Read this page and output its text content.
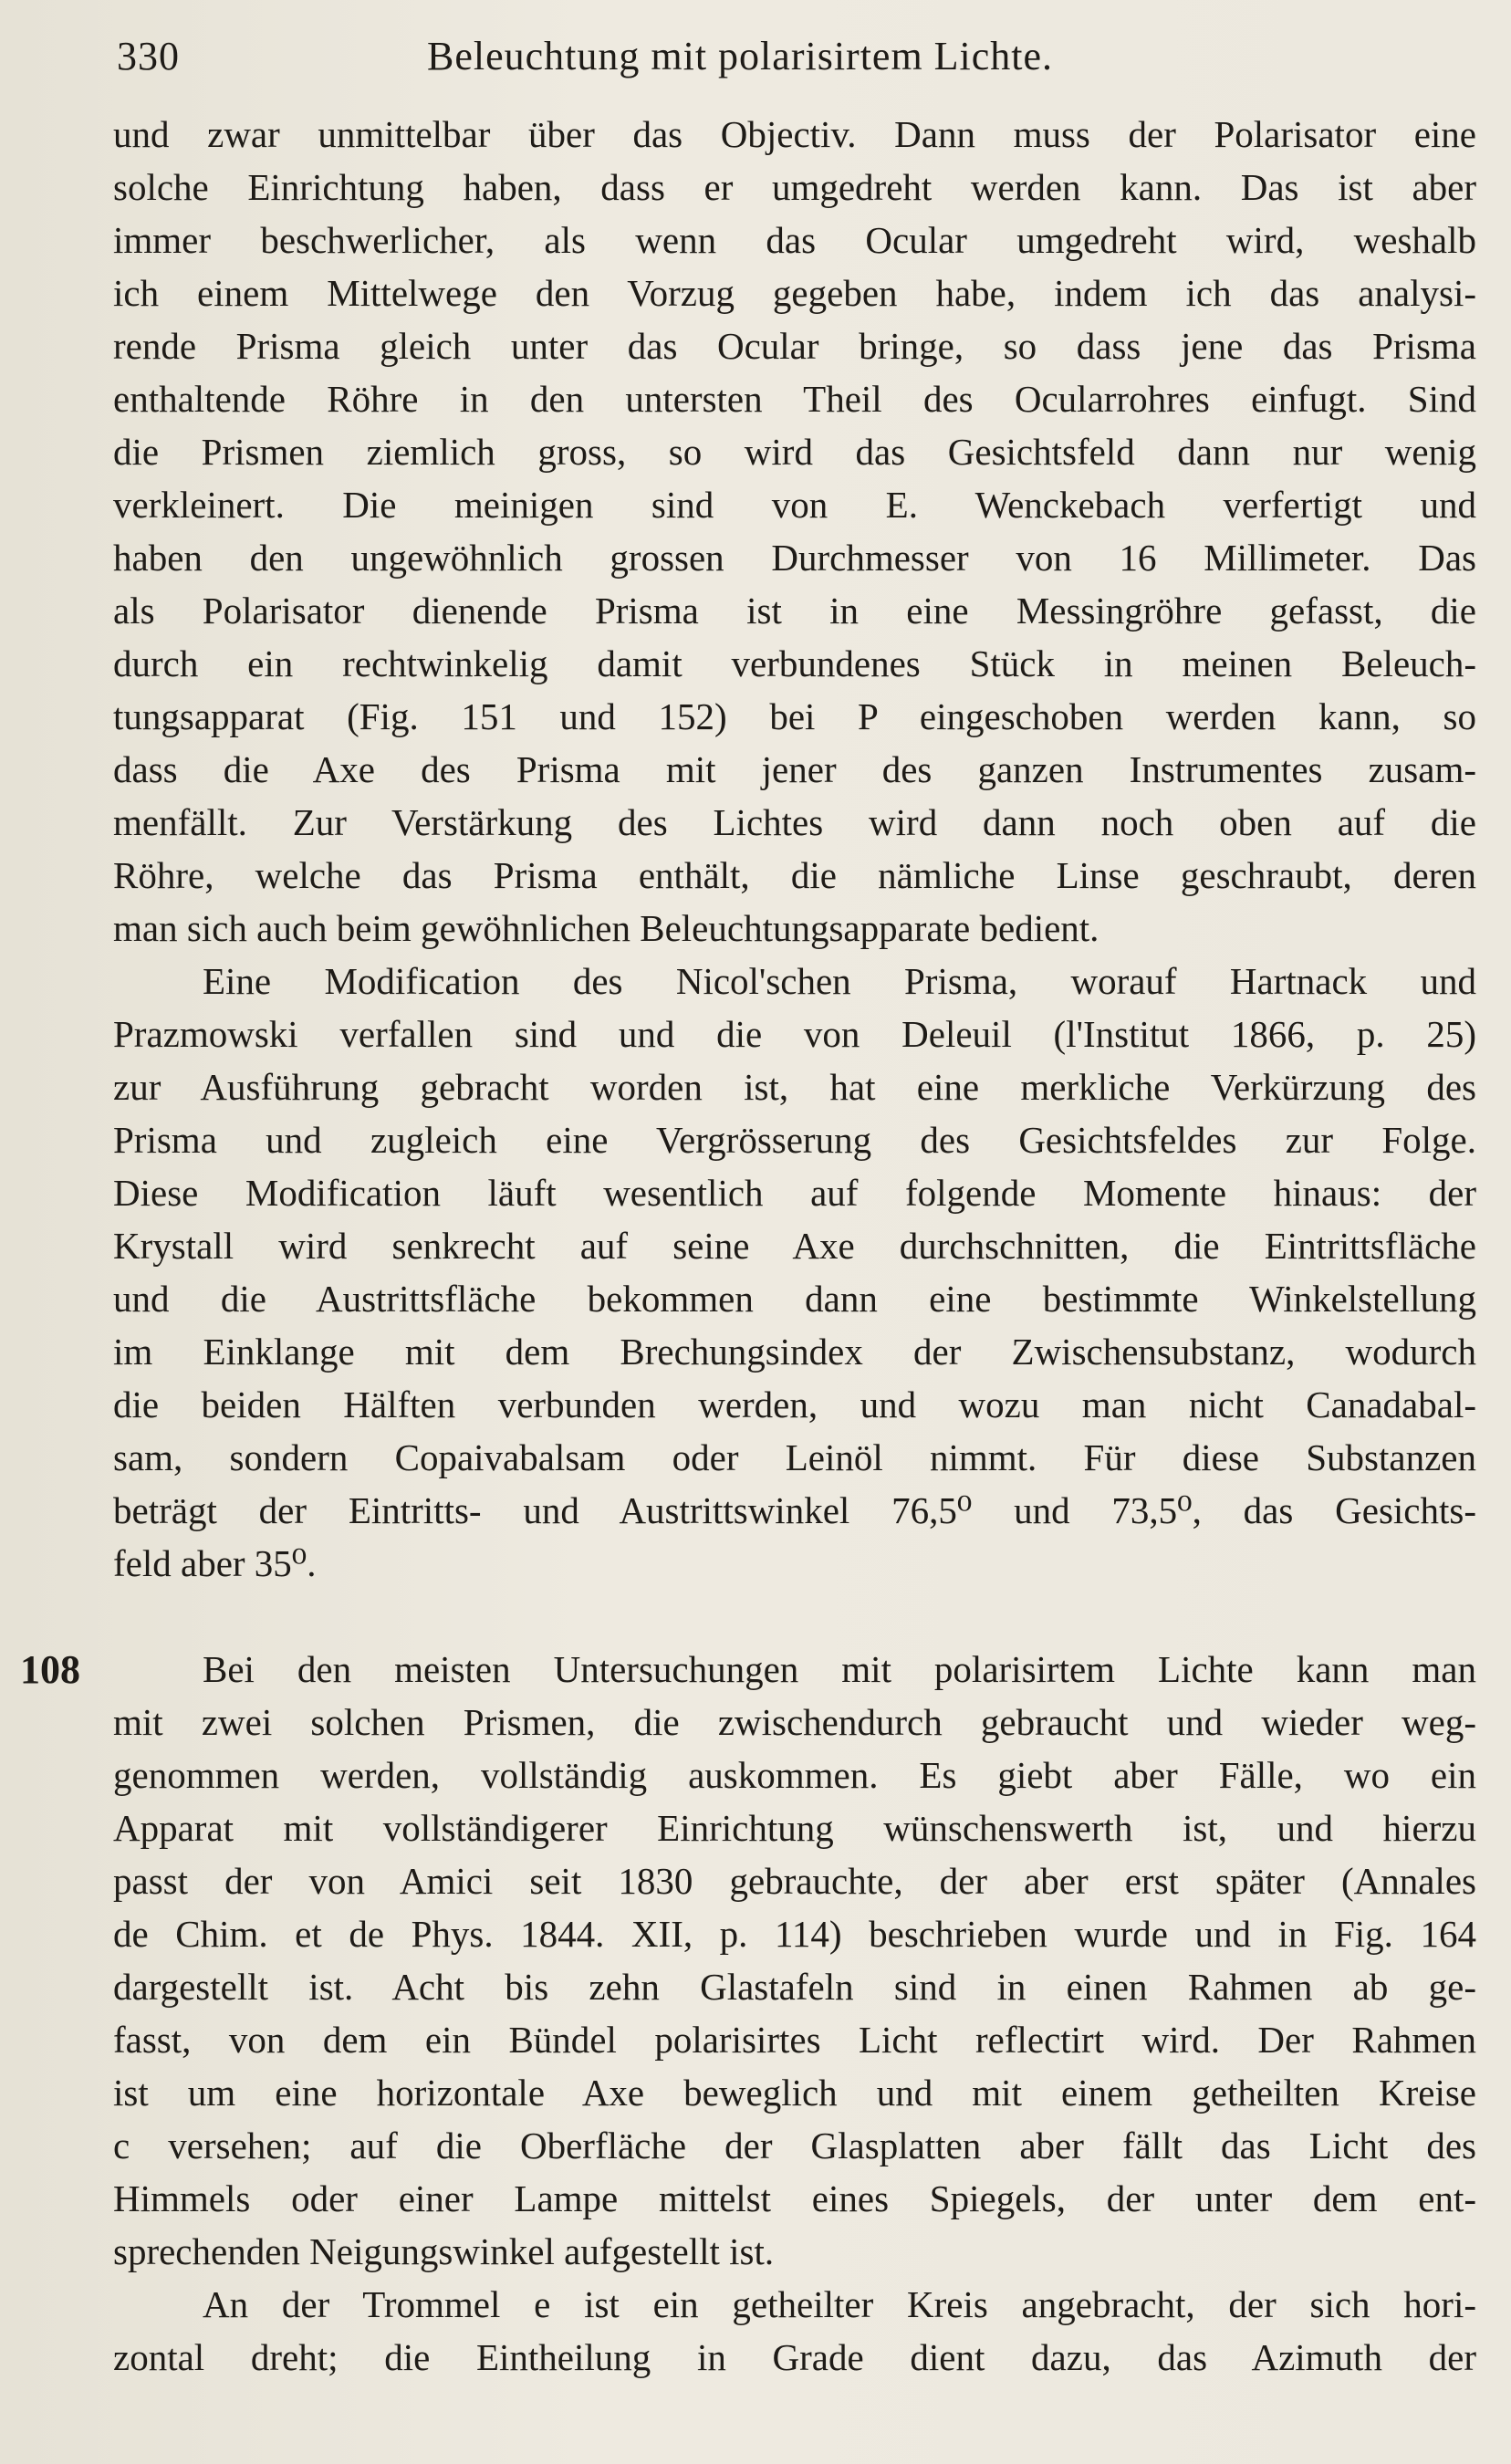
330	Beleuchtung mit polarisirtem Lichte.
108
und zwar unmittelbar über das Objectiv. Dann muss der Polarisator eine
solche Einrichtung haben, dass er umgedreht werden kann. Das ist aber
immer beschwerlicher, als wenn das Ocular umgedreht wird, weshalb
ich einem Mittelwege den Vorzug gegeben habe, indem ich das analysi-
rende Prisma gleich unter das Ocular bringe, so dass jene das Prisma
enthaltende Röhre in den untersten Theil des Ocularrohres einfugt. Sind
die Prismen ziemlich gross, so wird das Gesichtsfeld dann nur wenig
verkleinert. Die meinigen sind von E. Wenckebach verfertigt und
haben den ungewöhnlich grossen Durchmesser von 16 Millimeter. Das
als Polarisator dienende Prisma ist in eine Messingröhre gefasst, die
durch ein rechtwinkelig damit verbundenes Stück in meinen Beleuch-
tungsapparat (Fig. 151 und 152) bei P eingeschoben werden kann, so
dass die Axe des Prisma mit jener des ganzen Instrumentes zusam-
menfällt. Zur Verstärkung des Lichtes wird dann noch oben auf die
Röhre, welche das Prisma enthält, die nämliche Linse geschraubt, deren
man sich auch beim gewöhnlichen Beleuchtungsapparate bedient.
Eine Modification des Nicol'schen Prisma, worauf Hartnack und
Prazmowski verfallen sind und die von Deleuil (l'Institut 1866, p. 25)
zur Ausführung gebracht worden ist, hat eine merkliche Verkürzung des
Prisma und zugleich eine Vergrösserung des Gesichtsfeldes zur Folge.
Diese Modification läuft wesentlich auf folgende Momente hinaus: der
Krystall wird senkrecht auf seine Axe durchschnitten, die Eintrittsfläche
und die Austrittsfläche bekommen dann eine bestimmte Winkelstellung
im Einklange mit dem Brechungsindex der Zwischensubstanz, wodurch
die beiden Hälften verbunden werden, und wozu man nicht Canadabal-
sam, sondern Copaivabalsam oder Leinöl nimmt. Für diese Substanzen
beträgt der Eintritts- und Austrittswinkel 76,5⁰ und 73,5⁰, das Gesichts-
feld aber 35⁰.
Bei den meisten Untersuchungen mit polarisirtem Lichte kann man
mit zwei solchen Prismen, die zwischendurch gebraucht und wieder weg-
genommen werden, vollständig auskommen. Es giebt aber Fälle, wo ein
Apparat mit vollständigerer Einrichtung wünschenswerth ist, und hierzu
passt der von Amici seit 1830 gebrauchte, der aber erst später (Annales
de Chim. et de Phys. 1844. XII, p. 114) beschrieben wurde und in Fig. 164
dargestellt ist. Acht bis zehn Glastafeln sind in einen Rahmen ab ge-
fasst, von dem ein Bündel polarisirtes Licht reflectirt wird. Der Rahmen
ist um eine horizontale Axe beweglich und mit einem getheilten Kreise
c versehen; auf die Oberfläche der Glasplatten aber fällt das Licht des
Himmels oder einer Lampe mittelst eines Spiegels, der unter dem ent-
sprechenden Neigungswinkel aufgestellt ist.
An der Trommel e ist ein getheilter Kreis angebracht, der sich hori-
zontal dreht; die Eintheilung in Grade dient dazu, das Azimuth der
